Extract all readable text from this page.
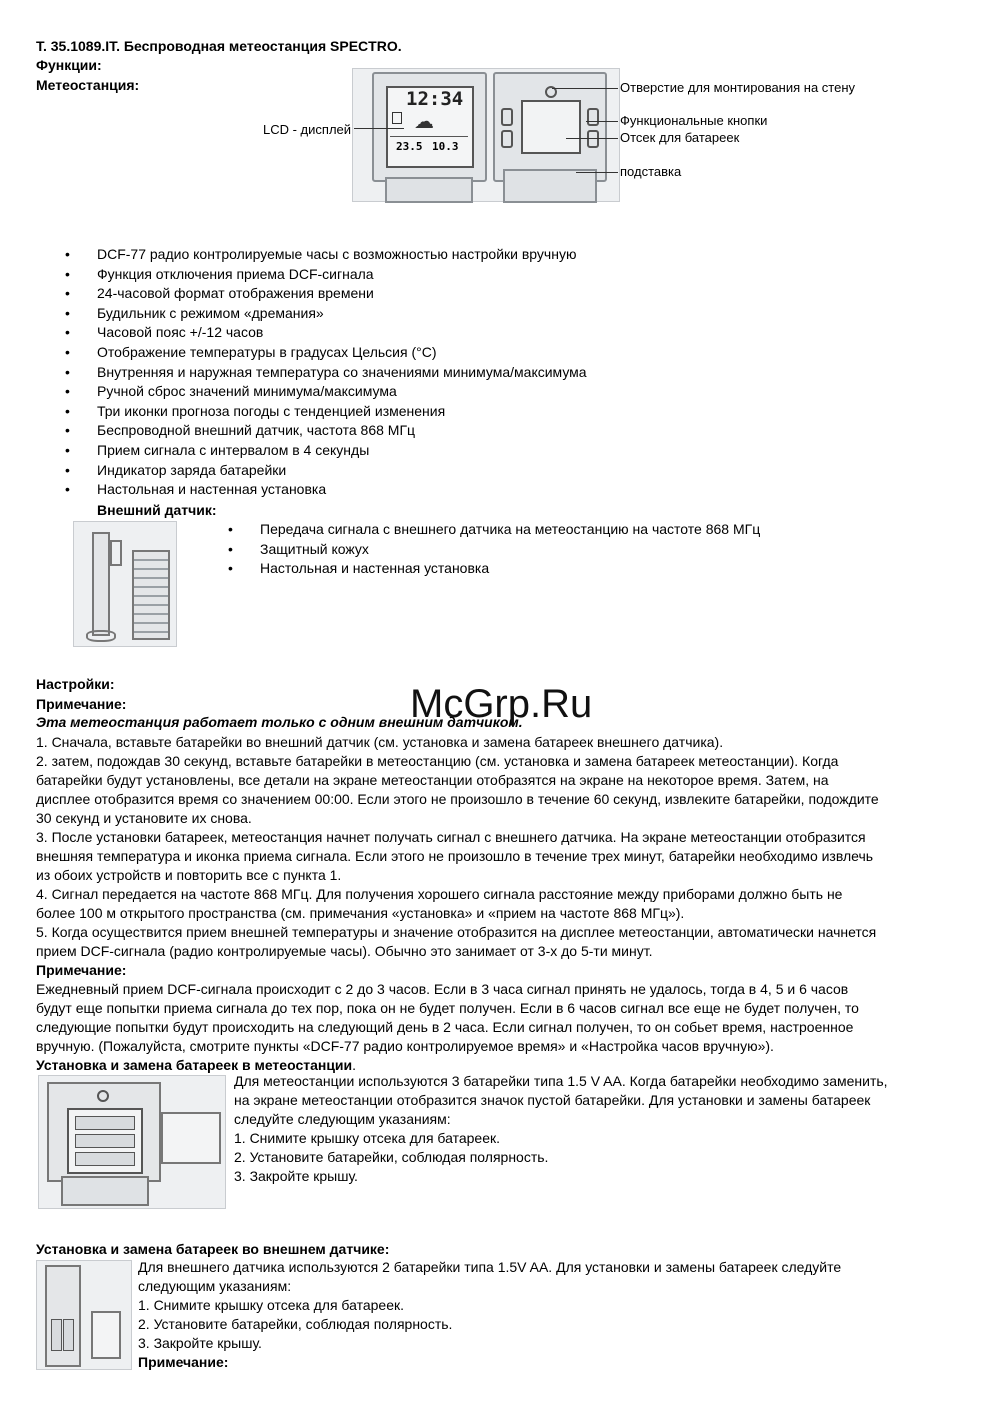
Т. 35.1089.IT. Беспроводная метеостанция SPECTRO.
Функции:
Метеостанция:
LCD - дисплей
12:34
☁
23.5 10.3
Отверстие для монтирования на стену
Функциональные кнопки
Отсек для батареек
подставка
• DCF-77 радио контролируемые часы с возможностью настройки вручную
• Функция отключения приема DCF-сигнала
• 24-часовой формат отображения времени
• Будильник с режимом «дремания»
• Часовой пояс +/-12 часов
• Отображение температуры в градусах Цельсия (°C)
• Внутренняя и наружная температура со значениями минимума/максимума
• Ручной сброс значений минимума/максимума
• Три иконки прогноза погоды с тенденцией изменения
• Беспроводной внешний датчик, частота 868 МГц
• Прием сигнала с интервалом в 4 секунды
• Индикатор заряда батарейки
• Настольная и настенная установка
Внешний датчик:
• Передача сигнала с внешнего датчика на метеостанцию на частоте 868 МГц
• Защитный кожух
• Настольная и настенная установка
Настройки:
Примечание:
Эта метеостанция работает только с одним внешним датчиком.
McGrp.Ru
1. Сначала, вставьте батарейки во внешний датчик (см. установка и замена батареек внешнего датчика).
2. затем, подождав 30 секунд, вставьте батарейки в метеостанцию (см. установка и замена батареек метеостанции). Когда
батарейки будут установлены, все детали на экране метеостанции отобразятся на экране на некоторое время. Затем, на
дисплее отобразится время со значением 00:00. Если этого не произошло в течение 60 секунд, извлеките батарейки, подождите
30 секунд и установите их снова.
3. После установки батареек, метеостанция начнет получать сигнал с внешнего датчика. На экране метеостанции отобразится
внешняя температура и иконка приема сигнала. Если этого не произошло в течение трех минут, батарейки необходимо извлечь
из обоих устройств и повторить все с пункта 1.
4. Сигнал передается на частоте 868 МГц. Для получения хорошего сигнала расстояние между приборами должно быть не
более 100 м открытого пространства (см. примечания «установка» и «прием на частоте 868 МГц»).
5. Когда осуществится прием внешней температуры и значение отобразится на дисплее метеостанции, автоматически начнется
прием DCF-сигнала (радио контролируемые часы). Обычно это занимает от 3-х до 5-ти минут.
Примечание:
Ежедневный прием DCF-сигнала происходит с 2 до 3 часов. Если в 3 часа сигнал принять не удалось, тогда в 4, 5 и 6 часов
будут еще попытки приема сигнала до тех пор, пока он не будет получен. Если в 6 часов сигнал все еще не будет получен, то
следующие попытки будут происходить на следующий день в 2 часа. Если сигнал получен, то он собьет время, настроенное
вручную. (Пожалуйста, смотрите пункты «DCF-77 радио контролируемое время» и «Настройка часов вручную»).
Установка и замена батареек в метеостанции.
Для метеостанции используются 3 батарейки типа 1.5 V AA. Когда батарейки необходимо заменить,
на экране метеостанции отобразится значок пустой батарейки. Для установки и замены батареек
следуйте следующим указаниям:
1. Снимите крышку отсека для батареек.
2. Установите батарейки, соблюдая полярность.
3. Закройте крышу.
Установка и замена батареек во внешнем датчике:
Для внешнего датчика используются 2 батарейки типа 1.5V AA. Для установки и замены батареек следуйте
следующим указаниям:
1. Снимите крышку отсека для батареек.
2. Установите батарейки, соблюдая полярность.
3. Закройте крышу.
Примечание:
